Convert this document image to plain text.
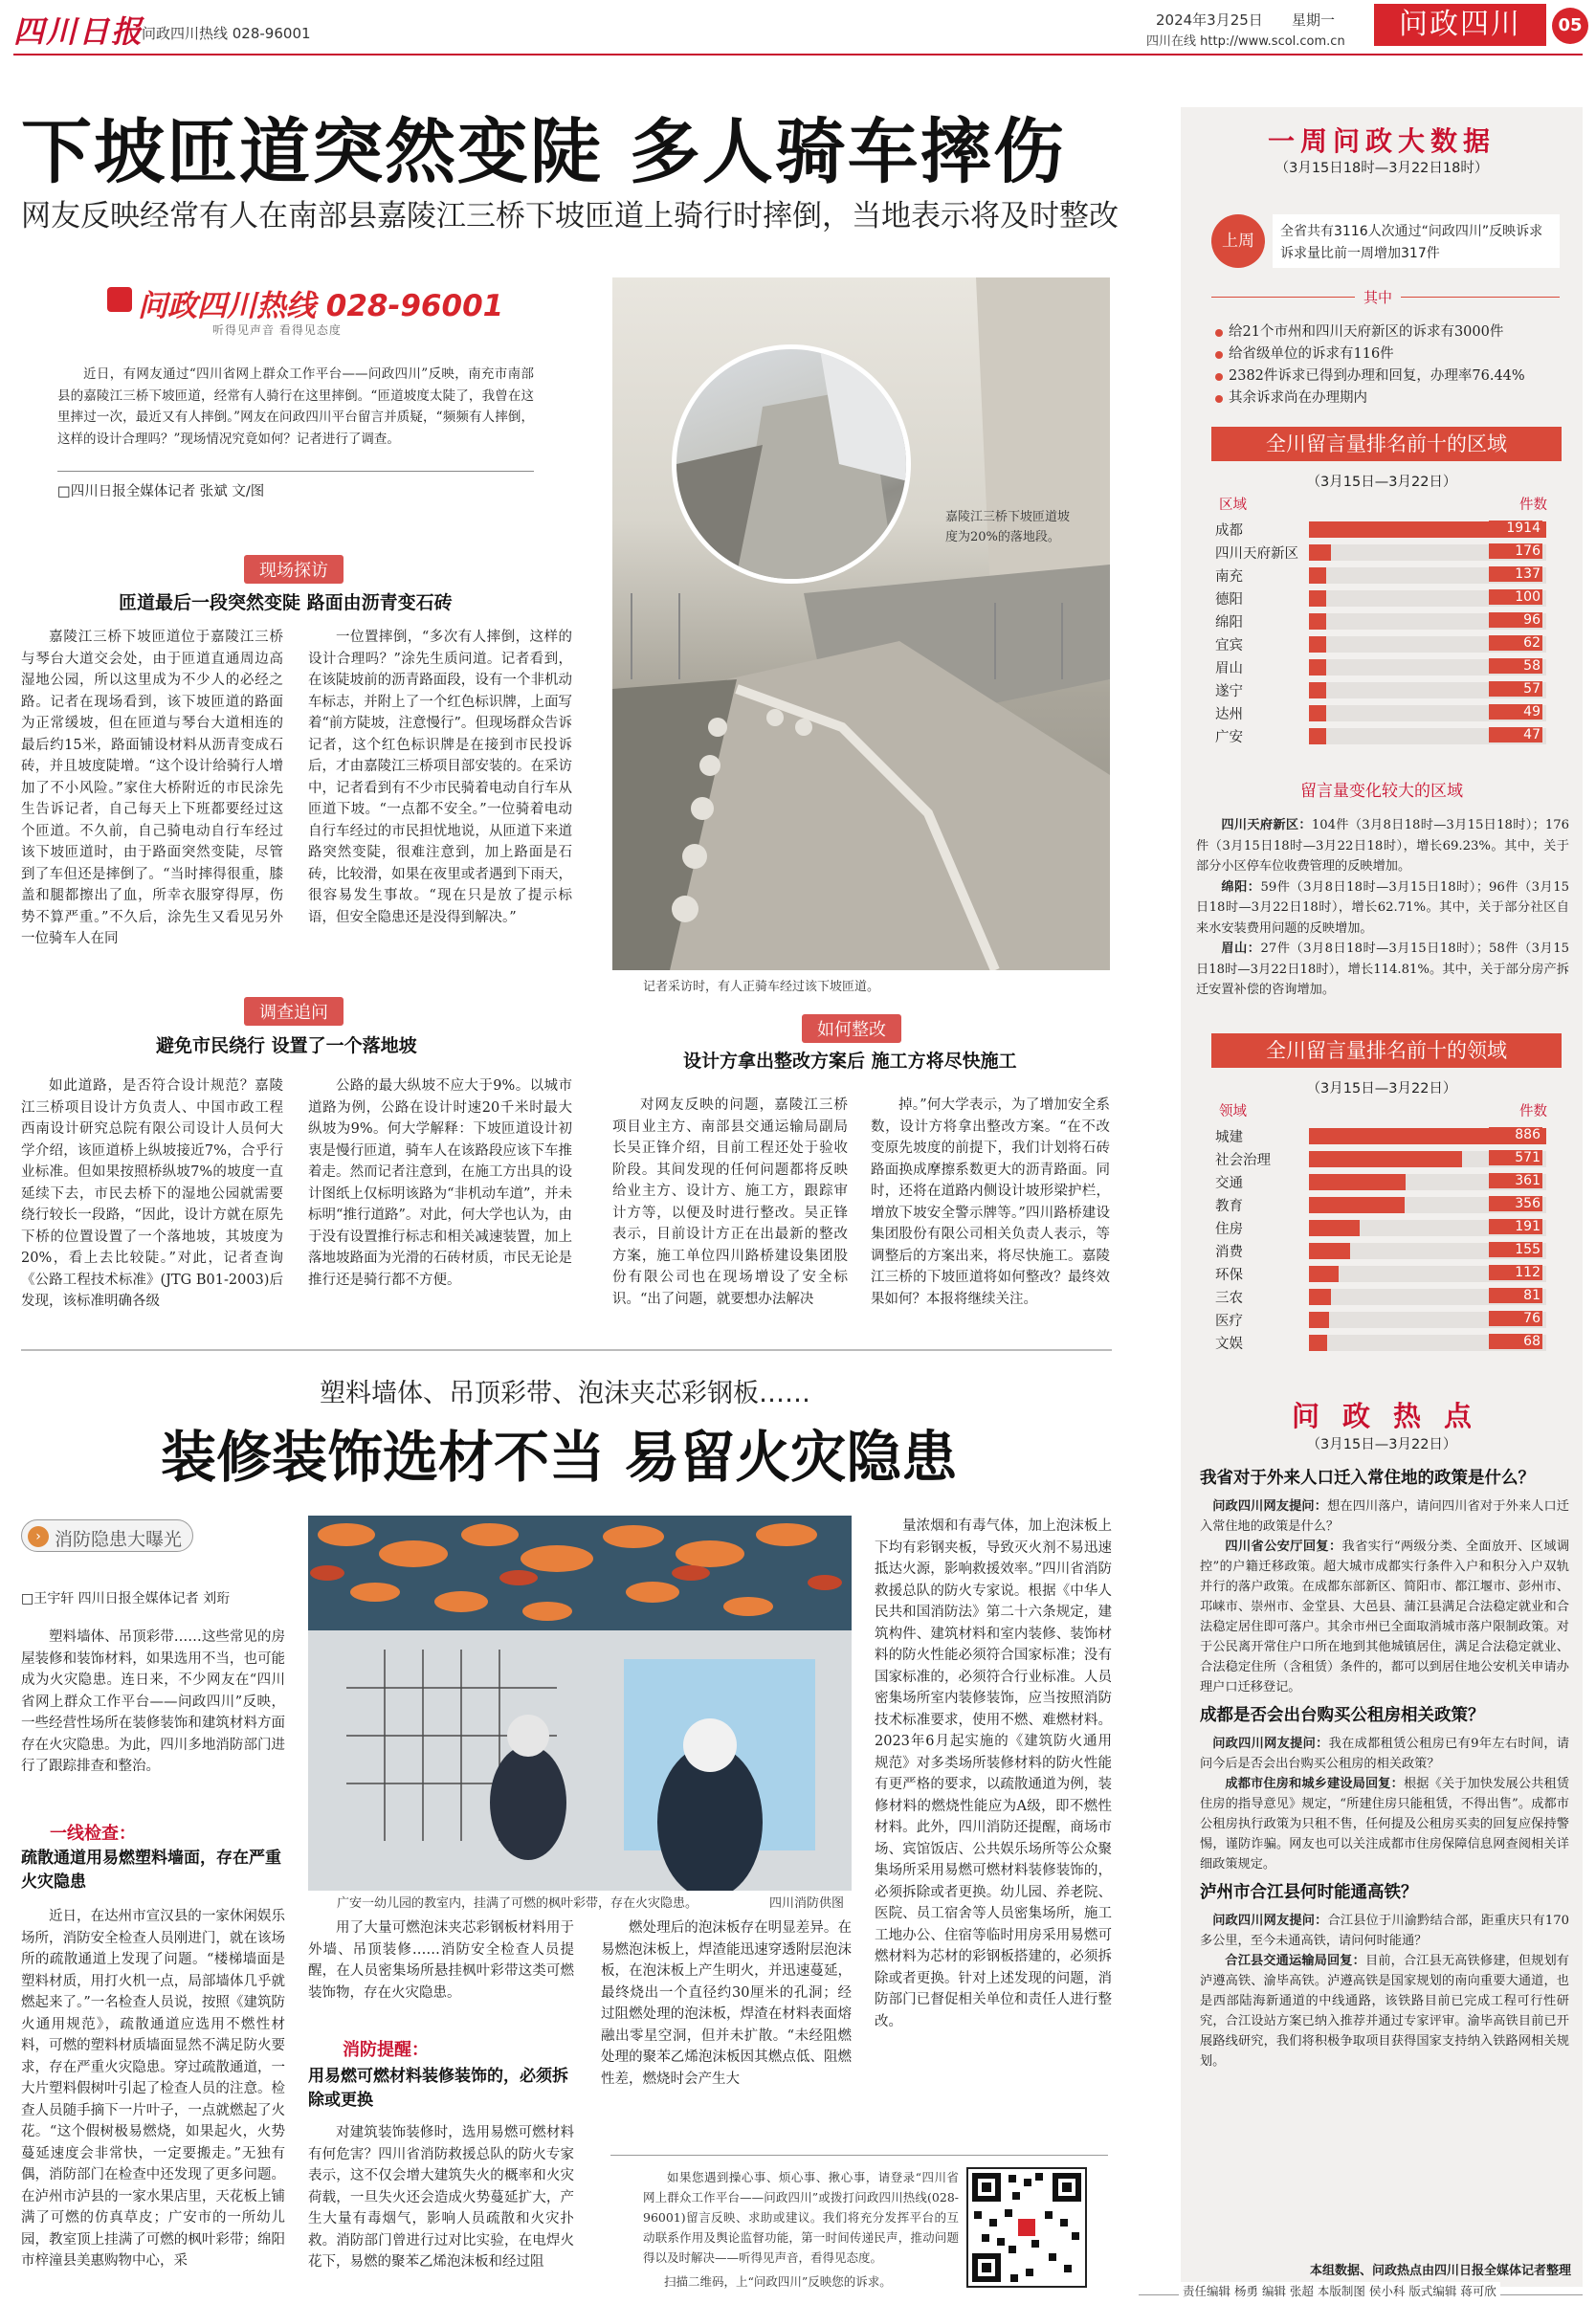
四川日报
问政四川热线 028-96001
2024年3月25日 星期一
四川在线 http://www.scol.com.cn
问政四川	05
下坡匝道突然变陡 多人骑车摔伤
网友反映经常有人在南部县嘉陵江三桥下坡匝道上骑行时摔倒，当地表示将及时整改
问政四川热线 028-96001
听得见声音 看得见态度
近日，有网友通过“四川省网上群众工作平台——问政四川”反映，南充市南部县的嘉陵江三桥下坡匝道，经常有人骑行在这里摔倒。“匝道坡度太陡了，我曾在这里摔过一次，最近又有人摔倒。”网友在问政四川平台留言并质疑，“频频有人摔倒，这样的设计合理吗？”现场情况究竟如何？记者进行了调查。
□四川日报全媒体记者 张斌 文/图
现场探访
匝道最后一段突然变陡 路面由沥青变石砖
嘉陵江三桥下坡匝道位于嘉陵江三桥与琴台大道交会处，由于匝道直通周边高湿地公园，所以这里成为不少人的必经之路。记者在现场看到，该下坡匝道的路面为正常缓坡，但在匝道与琴台大道相连的最后约15米，路面铺设材料从沥青变成石砖，并且坡度陡增。“这个设计给骑行人增加了不小风险。”家住大桥附近的市民涂先生告诉记者，自己每天上下班都要经过这个匝道。不久前，自己骑电动自行车经过该下坡匝道时，由于路面突然变陡，尽管到了车但还是摔倒了。“当时摔得很重，膝盖和腿都擦出了血，所幸衣服穿得厚，伤势不算严重。”不久后，涂先生又看见另外一位骑车人在同
一位置摔倒，“多次有人摔倒，这样的设计合理吗？”涂先生质问道。记者看到，在该陡坡前的沥青路面段，设有一个非机动车标志，并附上了一个红色标识牌，上面写着“前方陡坡，注意慢行”。但现场群众告诉记者，这个红色标识牌是在接到市民投诉后，才由嘉陵江三桥项目部安装的。在采访中，记者看到有不少市民骑着电动自行车从匝道下坡。“一点都不安全。”一位骑着电动自行车经过的市民担忧地说，从匝道下来道路突然变陡，很难注意到，加上路面是石砖，比较滑，如果在夜里或者遇到下雨天，很容易发生事故。“现在只是放了提示标语，但安全隐患还是没得到解决。”
嘉陵江三桥下坡匝道坡度为20%的落地段。
记者采访时，有人正骑车经过该下坡匝道。
调查追问
避免市民绕行 设置了一个落地坡
如此道路，是否符合设计规范？嘉陵江三桥项目设计方负责人、中国市政工程西南设计研究总院有限公司设计人员何大学介绍，该匝道桥上纵坡接近7%，合乎行业标准。但如果按照桥纵坡7%的坡度一直延续下去，市民去桥下的湿地公园就需要绕行较长一段路，“因此，设计方就在原先下桥的位置设置了一个落地坡，其坡度为20%，看上去比较陡。”对此，记者查询《公路工程技术标准》(JTG B01-2003)后发现，该标准明确各级
公路的最大纵坡不应大于9%。以城市道路为例，公路在设计时速20千米时最大纵坡为9%。何大学解释：下坡匝道设计初衷是慢行匝道，骑车人在该路段应该下车推着走。然而记者注意到，在施工方出具的设计图纸上仅标明该路为“非机动车道”，并未标明“推行道路”。对此，何大学也认为，由于没有设置推行标志和相关减速装置，加上落地坡路面为光滑的石砖材质，市民无论是推行还是骑行都不方便。
如何整改
设计方拿出整改方案后 施工方将尽快施工
对网友反映的问题，嘉陵江三桥项目业主方、南部县交通运输局副局长吴正锋介绍，目前工程还处于验收阶段。其间发现的任何问题都将反映给业主方、设计方、施工方，跟踪审计方等，以便及时进行整改。吴正锋表示，目前设计方正在出最新的整改方案，施工单位四川路桥建设集团股份有限公司也在现场增设了安全标识。“出了问题，就要想办法解决
掉。”何大学表示，为了增加安全系数，设计方将拿出整改方案。“在不改变原先坡度的前提下，我们计划将石砖路面换成摩擦系数更大的沥青路面。同时，还将在道路内侧设计坡形梁护栏，增放下坡安全警示牌等。”四川路桥建设集团股份有限公司相关负责人表示，等调整后的方案出来，将尽快施工。嘉陵江三桥的下坡匝道将如何整改？最终效果如何？本报将继续关注。
塑料墙体、吊顶彩带、泡沫夹芯彩钢板……
装修装饰选材不当 易留火灾隐患
› 消防隐患大曝光
□王宇轩 四川日报全媒体记者 刘珩
塑料墙体、吊顶彩带……这些常见的房屋装修和装饰材料，如果选用不当，也可能成为火灾隐患。连日来，不少网友在“四川省网上群众工作平台——问政四川”反映，一些经营性场所在装修装饰和建筑材料方面存在火灾隐患。为此，四川多地消防部门进行了跟踪排查和整治。
一线检查：
疏散通道用易燃塑料墙面，存在严重火灾隐患
近日，在达州市宣汉县的一家休闲娱乐场所，消防安全检查人员刚进门，就在该场所的疏散通道上发现了问题。“楼梯墙面是塑料材质，用打火机一点，局部墙体几乎就燃起来了。”一名检查人员说，按照《建筑防火通用规范》，疏散通道应选用不燃性材料，可燃的塑料材质墙面显然不满足防火要求，存在严重火灾隐患。穿过疏散通道，一大片塑料假树叶引起了检查人员的注意。检查人员随手摘下一片叶子，一点就燃起了火花。“这个假树极易燃烧，如果起火，火势蔓延速度会非常快，一定要搬走。”无独有偶，消防部门在检查中还发现了更多问题。在泸州市泸县的一家水果店里，天花板上铺满了可燃的仿真草皮；广安市的一所幼儿园，教室顶上挂满了可燃的枫叶彩带；绵阳市梓潼县美惠购物中心，采
广安一幼儿园的教室内，挂满了可燃的枫叶彩带，存在火灾隐患。	四川消防供图
用了大量可燃泡沫夹芯彩钢板材料用于外墙、吊顶装修……消防安全检查人员提醒，在人员密集场所悬挂枫叶彩带这类可燃装饰物，存在火灾隐患。
消防提醒：
用易燃可燃材料装修装饰的，必须拆除或更换
对建筑装饰装修时，选用易燃可燃材料有何危害？四川省消防救援总队的防火专家表示，这不仅会增大建筑失火的概率和火灾荷载，一旦失火还会造成火势蔓延扩大，产生大量有毒烟气，影响人员疏散和火灾扑救。消防部门曾进行过对比实验，在电焊火花下，易燃的聚苯乙烯泡沫板和经过阻
燃处理后的泡沫板存在明显差异。在易燃泡沫板上，焊渣能迅速穿透附层泡沫板，在泡沫板上产生明火，并迅速蔓延，最终烧出一个直径约30厘米的孔洞；经过阻燃处理的泡沫板，焊渣在材料表面熔融出零星空洞，但并未扩散。“未经阻燃处理的聚苯乙烯泡沫板因其燃点低、阻燃性差，燃烧时会产生大
量浓烟和有毒气体，加上泡沫板上下均有彩钢夹板，导致灭火剂不易迅速抵达火源，影响救援效率。”四川省消防救援总队的防火专家说。根据《中华人民共和国消防法》第二十六条规定，建筑构件、建筑材料和室内装修、装饰材料的防火性能必须符合国家标准；没有国家标准的，必须符合行业标准。人员密集场所室内装修装饰，应当按照消防技术标准要求，使用不燃、难燃材料。2023年6月起实施的《建筑防火通用规范》对多类场所装修材料的防火性能有更严格的要求，以疏散通道为例，装修材料的燃烧性能应为A级，即不燃性材料。此外，四川消防还提醒，商场市场、宾馆饭店、公共娱乐场所等公众聚集场所采用易燃可燃材料装修装饰的，必须拆除或者更换。幼儿园、养老院、医院、员工宿舍等人员密集场所，施工工地办公、住宿等临时用房采用易燃可燃材料为芯材的彩钢板搭建的，必须拆除或者更换。针对上述发现的问题，消防部门已督促相关单位和责任人进行整改。
如果您遇到操心事、烦心事、揪心事，请登录“四川省网上群众工作平台——问政四川”或拨打问政四川热线(028-96001)留言反映、求助或建议。我们将充分发挥平台的互动联系作用及舆论监督功能，第一时间传递民声，推动问题得以及时解决——听得见声音，看得见态度。
扫描二维码，上“问政四川”反映您的诉求。
一周问政大数据
（3月15日18时—3月22日18时）
上周	全省共有3116人次通过“问政四川”反映诉求
诉求量比前一周增加317件
其中
给21个市州和四川天府新区的诉求有3000件
给省级单位的诉求有116件
2382件诉求已得到办理和回复，办理率76.44%
其余诉求尚在办理期内
全川留言量排名前十的区域
（3月15日—3月22日）
区域	件数
成都	1914
四川天府新区	176
南充	137
德阳	100
绵阳	96
宜宾	62
眉山	58
遂宁	57
达州	49
广安	47
留言量变化较大的区域
四川天府新区：104件（3月8日18时—3月15日18时）；176件（3月15日18时—3月22日18时），增长69.23%。其中，关于部分小区停车位收费管理的反映增加。
绵阳：59件（3月8日18时—3月15日18时）；96件（3月15日18时—3月22日18时），增长62.71%。其中，关于部分社区自来水安装费用问题的反映增加。
眉山：27件（3月8日18时—3月15日18时）；58件（3月15日18时—3月22日18时），增长114.81%。其中，关于部分房产拆迁安置补偿的咨询增加。
全川留言量排名前十的领域
（3月15日—3月22日）
领域	件数
城建	886
社会治理	571
交通	361
教育	356
住房	191
消费	155
环保	112
三农	81
医疗	76
文娱	68
问政热点
（3月15日—3月22日）
我省对于外来人口迁入常住地的政策是什么？
问政四川网友提问：想在四川落户，请问四川省对于外来人口迁入常住地的政策是什么？
四川省公安厅回复：我省实行“两级分类、全面放开、区域调控”的户籍迁移政策。超大城市成都实行条件入户和积分入户双轨并行的落户政策。在成都东部新区、简阳市、都江堰市、彭州市、邛崃市、崇州市、金堂县、大邑县、蒲江县满足合法稳定就业和合法稳定居住即可落户。其余市州已全面取消城市落户限制政策。对于公民离开常住户口所在地到其他城镇居住，满足合法稳定就业、合法稳定住所（含租赁）条件的，都可以到居住地公安机关申请办理户口迁移登记。
成都是否会出台购买公租房相关政策？
问政四川网友提问：我在成都租赁公租房已有9年左右时间，请问今后是否会出台购买公租房的相关政策？
成都市住房和城乡建设局回复：根据《关于加快发展公共租赁住房的指导意见》规定，“所建住房只能租赁，不得出售”。成都市公租房执行政策为只租不售，任何提及公租房买卖的回复应保持警惕，谨防诈骗。网友也可以关注成都市住房保障信息网查阅相关详细政策规定。
泸州市合江县何时能通高铁？
问政四川网友提问：合江县位于川渝黔结合部，距重庆只有170多公里，至今未通高铁，请问何时能通？
合江县交通运输局回复：目前，合江县无高铁修建，但规划有泸遵高铁、渝毕高铁。泸遵高铁是国家规划的南向重要大通道，也是西部陆海新通道的中线通路，该铁路目前已完成工程可行性研究，合江设站方案已纳入推荐并通过专家评审。渝毕高铁目前已开展路线研究，我们将积极争取项目获得国家支持纳入铁路网相关规划。
本组数据、问政热点由四川日报全媒体记者整理
责任编辑 杨勇 编辑 张超 本版制图 侯小科 版式编辑 蒋可欣
